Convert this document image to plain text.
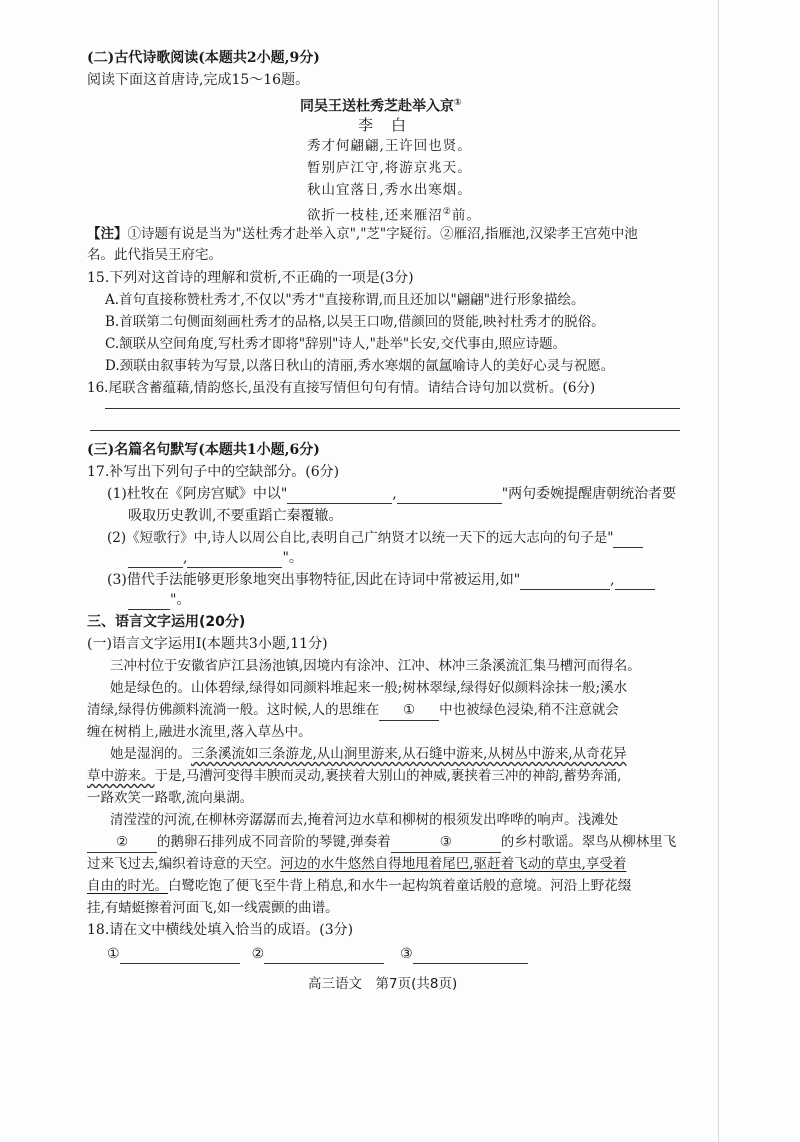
(二)古代诗歌阅读(本题共2小题,9分)
阅读下面这首唐诗,完成15～16题。
同吴王送杜秀芝赴举入京①
李白
秀才何翩翩,王许回也贤。
暂别庐江守,将游京兆天。
秋山宜落日,秀水出寒烟。
欲折一枝桂,还来雁沼②前。
【注】①诗题有说是当为"送杜秀才赴举入京","芝"字疑衍。②雁沼,指雁池,汉梁孝王宫苑中池
名。此代指吴王府宅。
15.下列对这首诗的理解和赏析,不正确的一项是(3分)
A.首句直接称赞杜秀才,不仅以"秀才"直接称谓,而且还加以"翩翩"进行形象描绘。
B.首联第二句侧面刻画杜秀才的品格,以吴王口吻,借颜回的贤能,映衬杜秀才的脱俗。
C.颔联从空间角度,写杜秀才即将"辞别"诗人,"赴举"长安,交代事由,照应诗题。
D.颈联由叙事转为写景,以落日秋山的清丽,秀水寒烟的氤氲喻诗人的美好心灵与祝愿。
16.尾联含蓄蕴藉,情韵悠长,虽没有直接写情但句句有情。请结合诗句加以赏析。(6分)
(三)名篇名句默写(本题共1小题,6分)
17.补写出下列句子中的空缺部分。(6分)
(1)杜牧在《阿房宫赋》中以"	,	"两句委婉提醒唐朝统治者要
吸取历史教训,不要重蹈亡秦覆辙。
(2)《短歌行》中,诗人以周公自比,表明自己广纳贤才以统一天下的远大志向的句子是"
,	"。
(3)借代手法能够更形象地突出事物特征,因此在诗词中常被运用,如"	,
"。
三、语言文字运用(20分)
(一)语言文字运用Ⅰ(本题共3小题,11分)
三冲村位于安徽省庐江县汤池镇,因境内有涂冲、江冲、林冲三条溪流汇集马槽河而得名。
她是绿色的。山体碧绿,绿得如同颜料堆起来一般;树林翠绿,绿得好似颜料涂抹一般;溪水
清绿,绿得仿佛颜料流淌一般。这时候,人的思维在 ① 中也被绿色浸染,稍不注意就会
缠在树梢上,融进水流里,落入草丛中。
她是湿润的。三条溪流如三条游龙,从山涧里游来,从石缝中游来,从树丛中游来,从奇花异
草中游来。于是,马漕河变得丰腴而灵动,裹挟着大别山的神威,裹挟着三冲的神韵,蓄势奔涌,
一路欢笑一路歌,流向巢湖。
清滢滢的河流,在柳林旁潺潺而去,掩着河边水草和柳树的根须发出哗哗的响声。浅滩处
② 的鹅卵石排列成不同音阶的琴键,弹奏着	③	的乡村歌谣。翠鸟从柳林里飞
过来飞过去,编织着诗意的天空。河边的水牛悠然自得地甩着尾巴,驱赶着飞动的草虫,享受着
自由的时光。白鹭吃饱了便飞至牛背上稍息,和水牛一起构筑着童话般的意境。河沿上野花缀
挂,有蜻蜓擦着河面飞,如一线震颤的曲谱。
18.请在文中横线处填入恰当的成语。(3分)
①	②	③
高三语文　第7页(共8页)
